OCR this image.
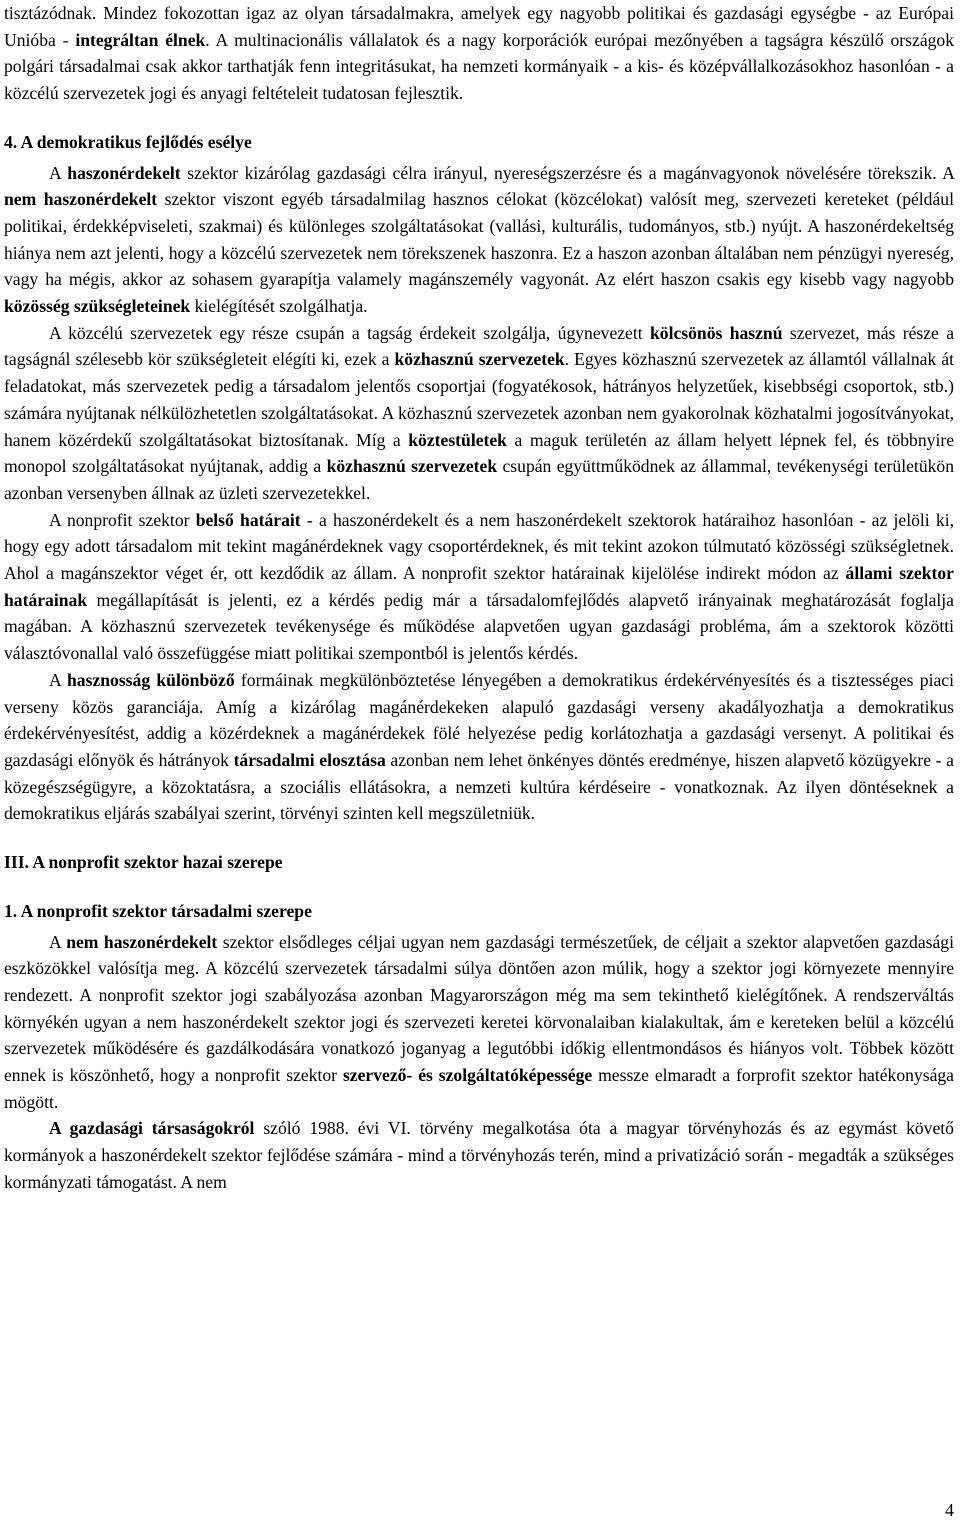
tisztázódnak. Mindez fokozottan igaz az olyan társadalmakra, amelyek egy nagyobb politikai és gazdasági egységbe - az Európai Unióba - integráltan élnek. A multinacionális vállalatok és a nagy korporációk európai mezőnyében a tagságra készülő országok polgári társadalmai csak akkor tarthatják fenn integritásukat, ha nemzeti kormányaik - a kis- és középvállalkozásokhoz hasonlóan - a közcélú szervezetek jogi és anyagi feltételeit tudatosan fejlesztik.

4. A demokratikus fejlődés esélye

A haszonérdekelt szektor kizárólag gazdasági célra irányul, nyereségszerzésre és a magánvagyonok növelésére törekszik. A nem haszonérdekelt szektor viszont egyéb társadalmilag hasznos célokat (közcélokat) valósít meg, szervezeti kereteket (például politikai, érdekképviseleti, szakmai) és különleges szolgáltatásokat (vallási, kulturális, tudományos, stb.) nyújt. A haszonérdekeltség hiánya nem azt jelenti, hogy a közcélú szervezetek nem törekszenek haszonra. Ez a haszon azonban általában nem pénzügyi nyereség, vagy ha mégis, akkor az sohasem gyarapítja valamely magánszemély vagyonát. Az elért haszon csakis egy kisebb vagy nagyobb közösség szükségleteinek kielégítését szolgálhatja.

A közcélú szervezetek egy része csupán a tagság érdekeit szolgálja, úgynevezett kölcsönös hasznú szervezet, más része a tagságnál szélesebb kör szükségleteit elégíti ki, ezek a közhasznú szervezetek. Egyes közhasznú szervezetek az államtól vállalnak át feladatokat, más szervezetek pedig a társadalom jelentős csoportjai (fogyatékosok, hátrányos helyzetűek, kisebbségi csoportok, stb.) számára nyújtanak nélkülözhetetlen szolgáltatásokat. A közhasznú szervezetek azonban nem gyakorolnak közhatalmi jogosítványokat, hanem közérdekű szolgáltatásokat biztosítanak. Míg a köztestületek a maguk területén az állam helyett lépnek fel, és többnyire monopol szolgáltatásokat nyújtanak, addig a közhasznú szervezetek csupán együttműködnek az állammal, tevékenységi területükön azonban versenyben állnak az üzleti szervezetekkel.

A nonprofit szektor belső határait - a haszonérdekelt és a nem haszonérdekelt szektorok határaihoz hasonlóan - az jelöli ki, hogy egy adott társadalom mit tekint magánérdeknek vagy csoportérdeknek, és mit tekint azokon túlmutató közösségi szükségletnek. Ahol a magánszektor véget ér, ott kezdődik az állam. A nonprofit szektor határainak kijelölése indirekt módon az állami szektor határainak megállapítását is jelenti, ez a kérdés pedig már a társadalomfejlődés alapvető irányainak meghatározását foglalja magában. A közhasznú szervezetek tevékenysége és működése alapvetően ugyan gazdasági probléma, ám a szektorok közötti választóvonallal való összefüggése miatt politikai szempontból is jelentős kérdés.

A hasznosság különböző formáinak megkülönböztetése lényegében a demokratikus érdekérvényesítés és a tisztességes piaci verseny közös garanciája. Amíg a kizárólag magánérdekeken alapuló gazdasági verseny akadályozhatja a demokratikus érdekérvényesítést, addig a közérdeknek a magánérdekek fölé helyezése pedig korlátozhatja a gazdasági versenyt. A politikai és gazdasági előnyök és hátrányok társadalmi elosztása azonban nem lehet önkényes döntés eredménye, hiszen alapvető közügyekre - a közegészségügyre, a közoktatásra, a szociális ellátásokra, a nemzeti kultúra kérdéseire - vonatkoznak. Az ilyen döntéseknek a demokratikus eljárás szabályai szerint, törvényi szinten kell megszületniük.

III. A nonprofit szektor hazai szerepe

1. A nonprofit szektor társadalmi szerepe

A nem haszonérdekelt szektor elsődleges céljai ugyan nem gazdasági természetűek, de céljait a szektor alapvetően gazdasági eszközökkel valósítja meg. A közcélú szervezetek társadalmi súlya döntően azon múlik, hogy a szektor jogi környezete mennyire rendezett. A nonprofit szektor jogi szabályozása azonban Magyarországon még ma sem tekinthető kielégítőnek. A rendszerváltás környékén ugyan a nem haszonérdekelt szektor jogi és szervezeti keretei körvonalaiban kialakultak, ám e kereteken belül a közcélú szervezetek működésére és gazdálkodására vonatkozó joganyag a legutóbbi időkig ellentmondásos és hiányos volt. Többek között ennek is köszönhető, hogy a nonprofit szektor szervező- és szolgáltatóképessége messze elmaradt a forprofit szektor hatékonysága mögött.

A gazdasági társaságokról szóló 1988. évi VI. törvény megalkotása óta a magyar törvényhozás és az egymást követő kormányok a haszonérdekelt szektor fejlődése számára - mind a törvényhozás terén, mind a privatizáció során - megadták a szükséges kormányzati támogatást. A nem

4
